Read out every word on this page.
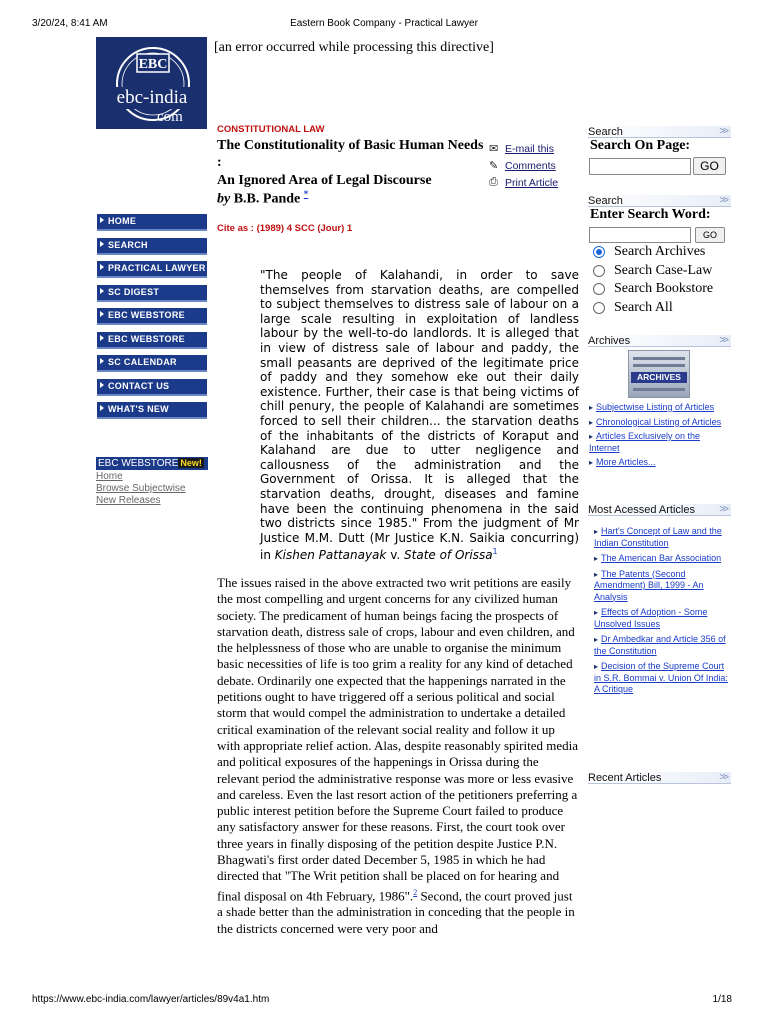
3/20/24, 8:41 AM	Eastern Book Company - Practical Lawyer
EBC
ebc-india
.com
[an error occurred while processing this directive]
HOME
SEARCH
PRACTICAL LAWYER
SC DIGEST
EBC WEBSTORE
EBC WEBSTORE
SC CALENDAR
CONTACT US
WHAT'S NEW
EBC WEBSTORE New!
Home
Browse Subjectwise
New Releases
CONSTITUTIONAL LAW
The Constitutionality of Basic Human Needs
:
An Ignored Area of Legal Discourse
by B.B. Pande *
✉ E-mail this
✎ Comments
⎙ Print Article
Cite as : (1989) 4 SCC (Jour) 1
"The people of Kalahandi, in order to save themselves from starvation deaths, are compelled to subject themselves to distress sale of labour on a large scale resulting in exploitation of landless labour by the well-to-do landlords. It is alleged that in view of distress sale of labour and paddy, the small peasants are deprived of the legitimate price of paddy and they somehow eke out their daily existence. Further, their case is that being victims of chill penury, the people of Kalahandi are sometimes forced to sell their children... the starvation deaths of the inhabitants of the districts of Koraput and Kalahand are due to utter negligence and callousness of the administration and the Government of Orissa. It is alleged that the starvation deaths, drought, diseases and famine have been the continuing phenomena in the said two districts since 1985." From the judgment of Mr Justice M.M. Dutt (Mr Justice K.N. Saikia concurring) in Kishen Pattanayak v. State of Orissa$^1$
The issues raised in the above extracted two writ petitions are easily the most compelling and urgent concerns for any civilized human society. The predicament of human beings facing the prospects of starvation death, distress sale of crops, labour and even children, and the helplessness of those who are unable to organise the minimum basic necessities of life is too grim a reality for any kind of detached debate. Ordinarily one expected that the happenings narrated in the petitions ought to have triggered off a serious political and social storm that would compel the administration to undertake a detailed critical examination of the relevant social reality and follow it up with appropriate relief action. Alas, despite reasonably spirited media and political exposures of the happenings in Orissa during the relevant period the administrative response was more or less evasive and careless. Even the last resort action of the petitioners preferring a public interest petition before the Supreme Court failed to produce any satisfactory answer for these reasons. First, the court took over three years in finally disposing of the petition despite Justice P.N. Bhagwati's first order dated December 5, 1985 in which he had directed that "The Writ petition shall be placed on for hearing and final disposal on 4th February, 1986".$^2$ Second, the court proved just a shade better than the administration in conceding that the people in the districts concerned were very poor and
Search	>>
Search On Page:
GO
Search	>>
Enter Search Word:
GO
Search Archives
Search Case-Law
Search Bookstore
Search All
Archives	>>
ARCHIVES
▸ Subjectwise Listing of Articles
▸ Chronological Listing of Articles
▸ Articles Exclusively on the Internet
▸ More Articles...
Most Acessed Articles >>
▸ Hart's Concept of Law and the Indian Constitution
▸ The American Bar Association
▸ The Patents (Second Amendment) Bill, 1999 - An Analysis
▸ Effects of Adoption - Some Unsolved Issues
▸ Dr Ambedkar and Article 356 of the Constitution
▸ Decision of the Supreme Court in S.R. Bommai v. Union Of India: A Critique
Recent Articles	>>
https://www.ebc-india.com/lawyer/articles/89v4a1.htm	1/18
